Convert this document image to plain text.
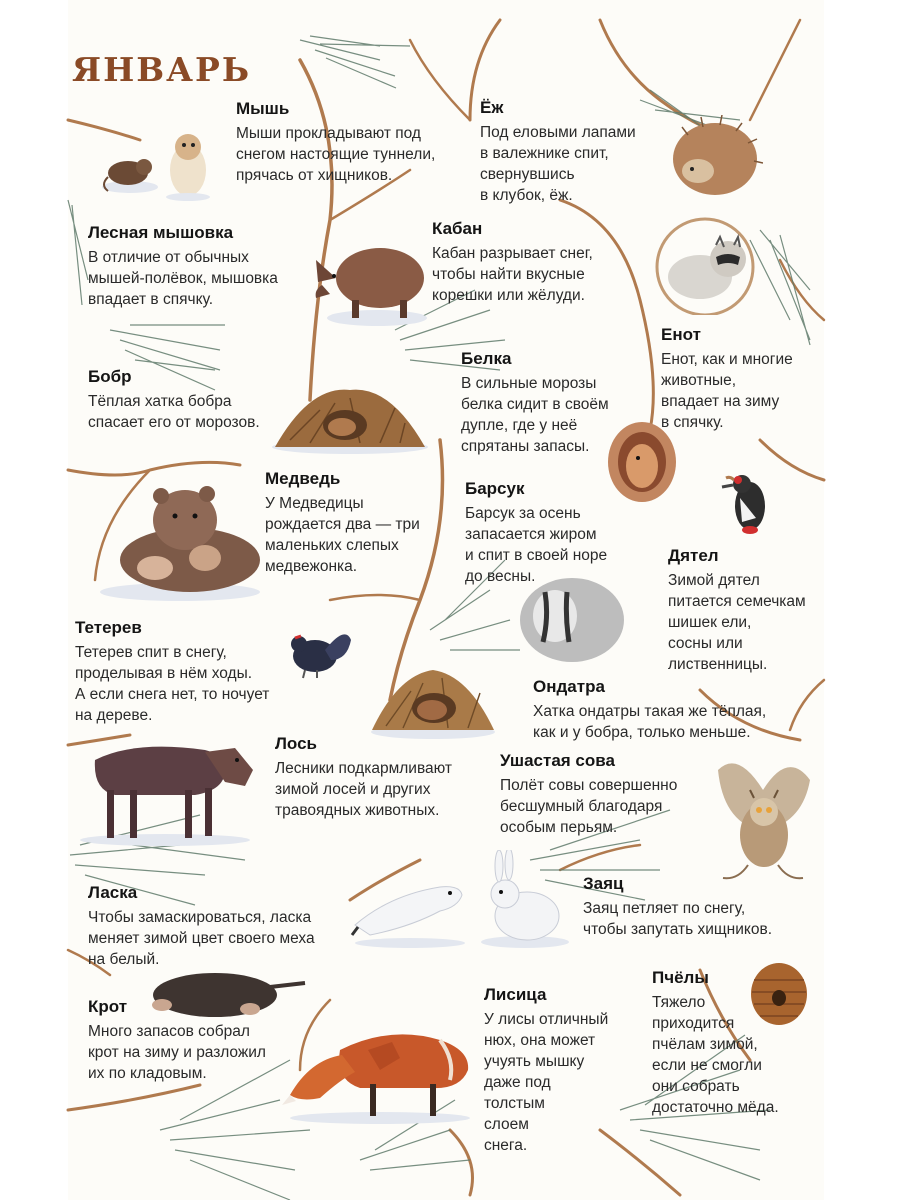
ЯНВАРЬ
Мышь
Мыши прокладывают под
снегом настоящие туннели,
прячась от хищников.
Ёж
Под еловыми лапами
в валежнике спит,
свернувшись
в клубок, ёж.
Лесная мышовка
В отличие от обычных
мышей-полёвок, мышовка
впадает в спячку.
Кабан
Кабан разрывает снег,
чтобы найти вкусные
корешки или жёлуди.
Енот
Енот, как и многие
животные,
впадает на зиму
в спячку.
Белка
В сильные морозы
белка сидит в своём
дупле, где у неё
спрятаны запасы.
Бобр
Тёплая хатка бобра
спасает его от морозов.
Медведь
У Медведицы
рождается два — три
маленьких слепых
медвежонка.
Барсук
Барсук за осень
запасается жиром
и спит в своей норе
до весны.
Дятел
Зимой дятел
питается семечкам
шишек ели,
сосны или
лиственницы.
Тетерев
Тетерев спит в снегу,
проделывая в нём ходы.
А если снега нет, то ночует
на дереве.
Ондатра
Хатка ондатры такая же тёплая,
как и у бобра, только меньше.
Лось
Лесники подкармливают
зимой лосей и других
травоядных животных.
Ушастая сова
Полёт совы совершенно
бесшумный благодаря
особым перьям.
Ласка
Чтобы замаскироваться, ласка
меняет зимой цвет своего меха
на белый.
Заяц
Заяц петляет по снегу,
чтобы запутать хищников.
Пчёлы
Тяжело
приходится
пчёлам зимой,
если не смогли
они собрать
достаточно мёда.
Крот
Много запасов собрал
крот на зиму и разложил
их по кладовым.
Лисица
У лисы отличный
нюх, она может
учуять мышку
даже под
толстым
слоем
снега.
